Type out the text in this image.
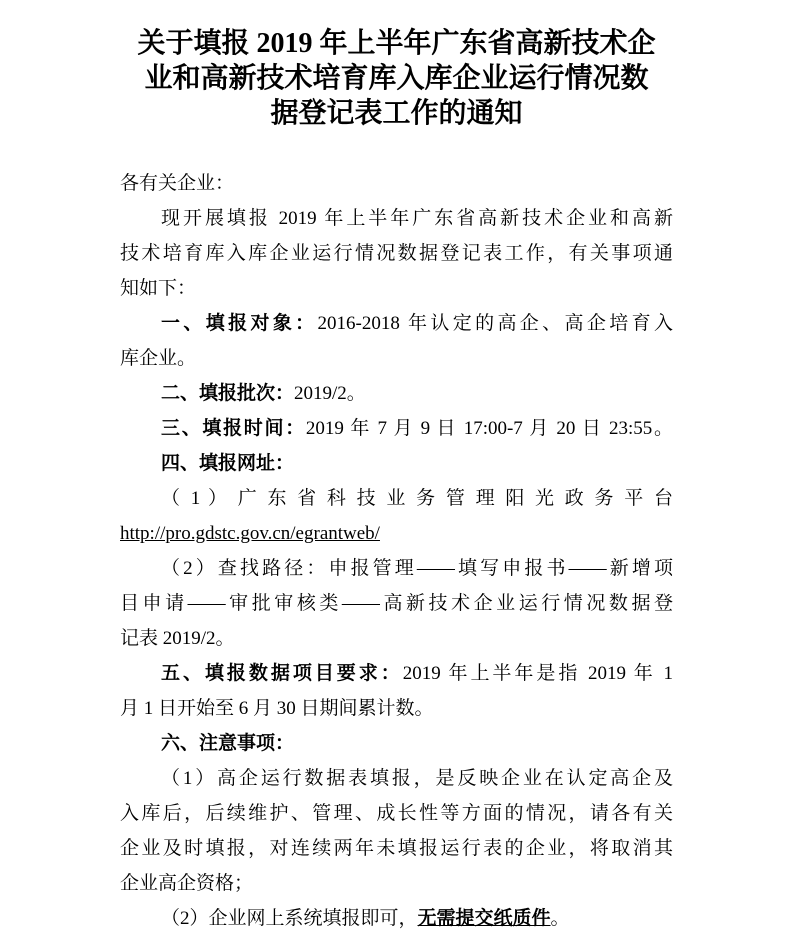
关于填报 2019 年上半年广东省高新技术企
业和高新技术培育库入库企业运行情况数
据登记表工作的通知
各有关企业：
现开展填报 2019 年上半年广东省高新技术企业和高新
技术培育库入库企业运行情况数据登记表工作，有关事项通
知如下：
一、填报对象：2016-2018 年认定的高企、高企培育入
库企业。
二、填报批次：2019/2。
三、填报时间：2019 年 7 月 9 日 17:00-7 月 20 日 23:55。
四、填报网址：
（ 1 ） 广 东 省 科 技 业 务 管 理 阳 光 政 务 平 台
http://pro.gdstc.gov.cn/egrantweb/
（2）查找路径：申报管理——填写申报书——新增项
目申请——审批审核类——高新技术企业运行情况数据登
记表 2019/2。
五、填报数据项目要求：2019 年上半年是指 2019 年 1
月 1 日开始至 6 月 30 日期间累计数。
六、注意事项：
（1）高企运行数据表填报，是反映企业在认定高企及
入库后，后续维护、管理、成长性等方面的情况，请各有关
企业及时填报，对连续两年未填报运行表的企业，将取消其
企业高企资格；
（2）企业网上系统填报即可，无需提交纸质件。
